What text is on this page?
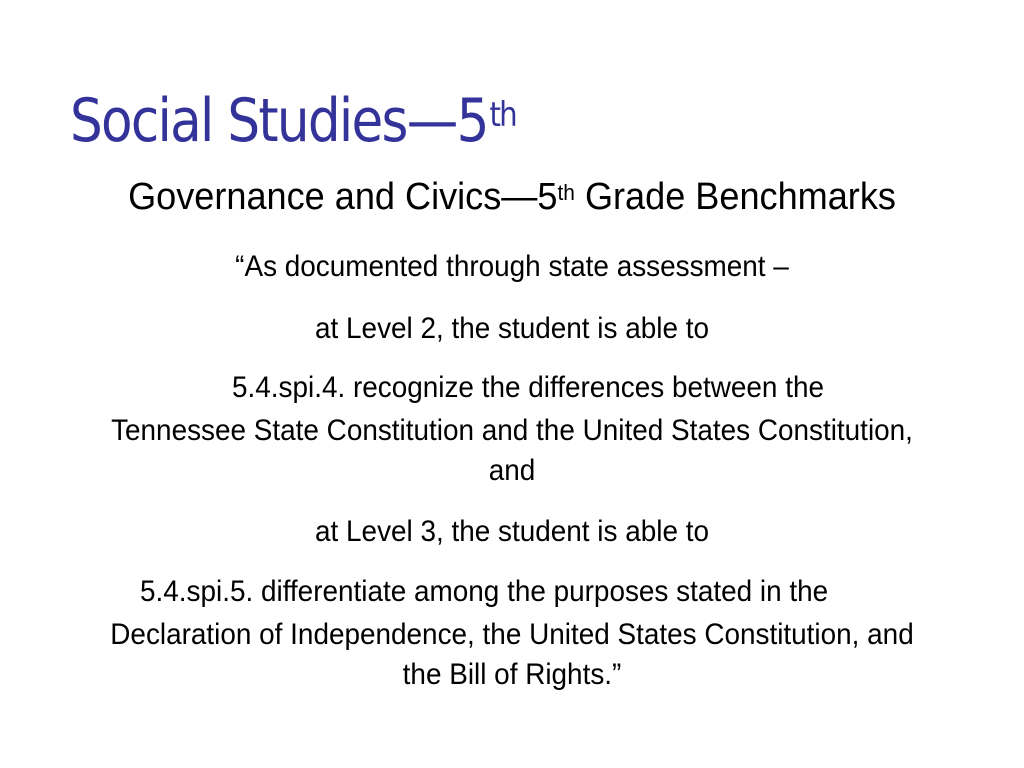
Social Studies—5th
Governance and Civics—5th Grade Benchmarks
“As documented through state assessment –
at Level 2, the student is able to
5.4.spi.4. recognize the differences between the
Tennessee State Constitution and the United States Constitution,
and
at Level 3, the student is able to
5.4.spi.5. differentiate among the purposes stated in the
Declaration of Independence, the United States Constitution, and
the Bill of Rights.”
